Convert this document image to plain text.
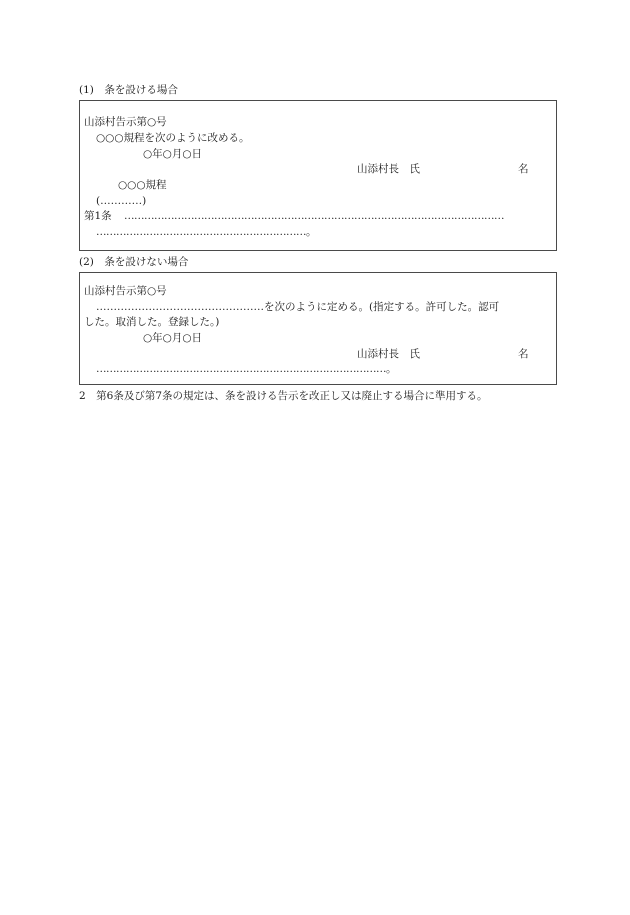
(1)　条を設ける場合
山添村告示第○号
○○○規程を次のように改める。
○年○月○日
山添村長　氏	名
○○○規程
(…………)
第1条 ……………………………………………………………………………………………………
………………………………………………………。
(2)　条を設けない場合
山添村告示第○号
…………………………………………を次のように定める。(指定する。許可した。認可
した。取消した。登録した。)
○年○月○日
山添村長　氏	名
……………………………………………………………………………。
2　第6条及び第7条の規定は、条を設ける告示を改正し又は廃止する場合に準用する。
